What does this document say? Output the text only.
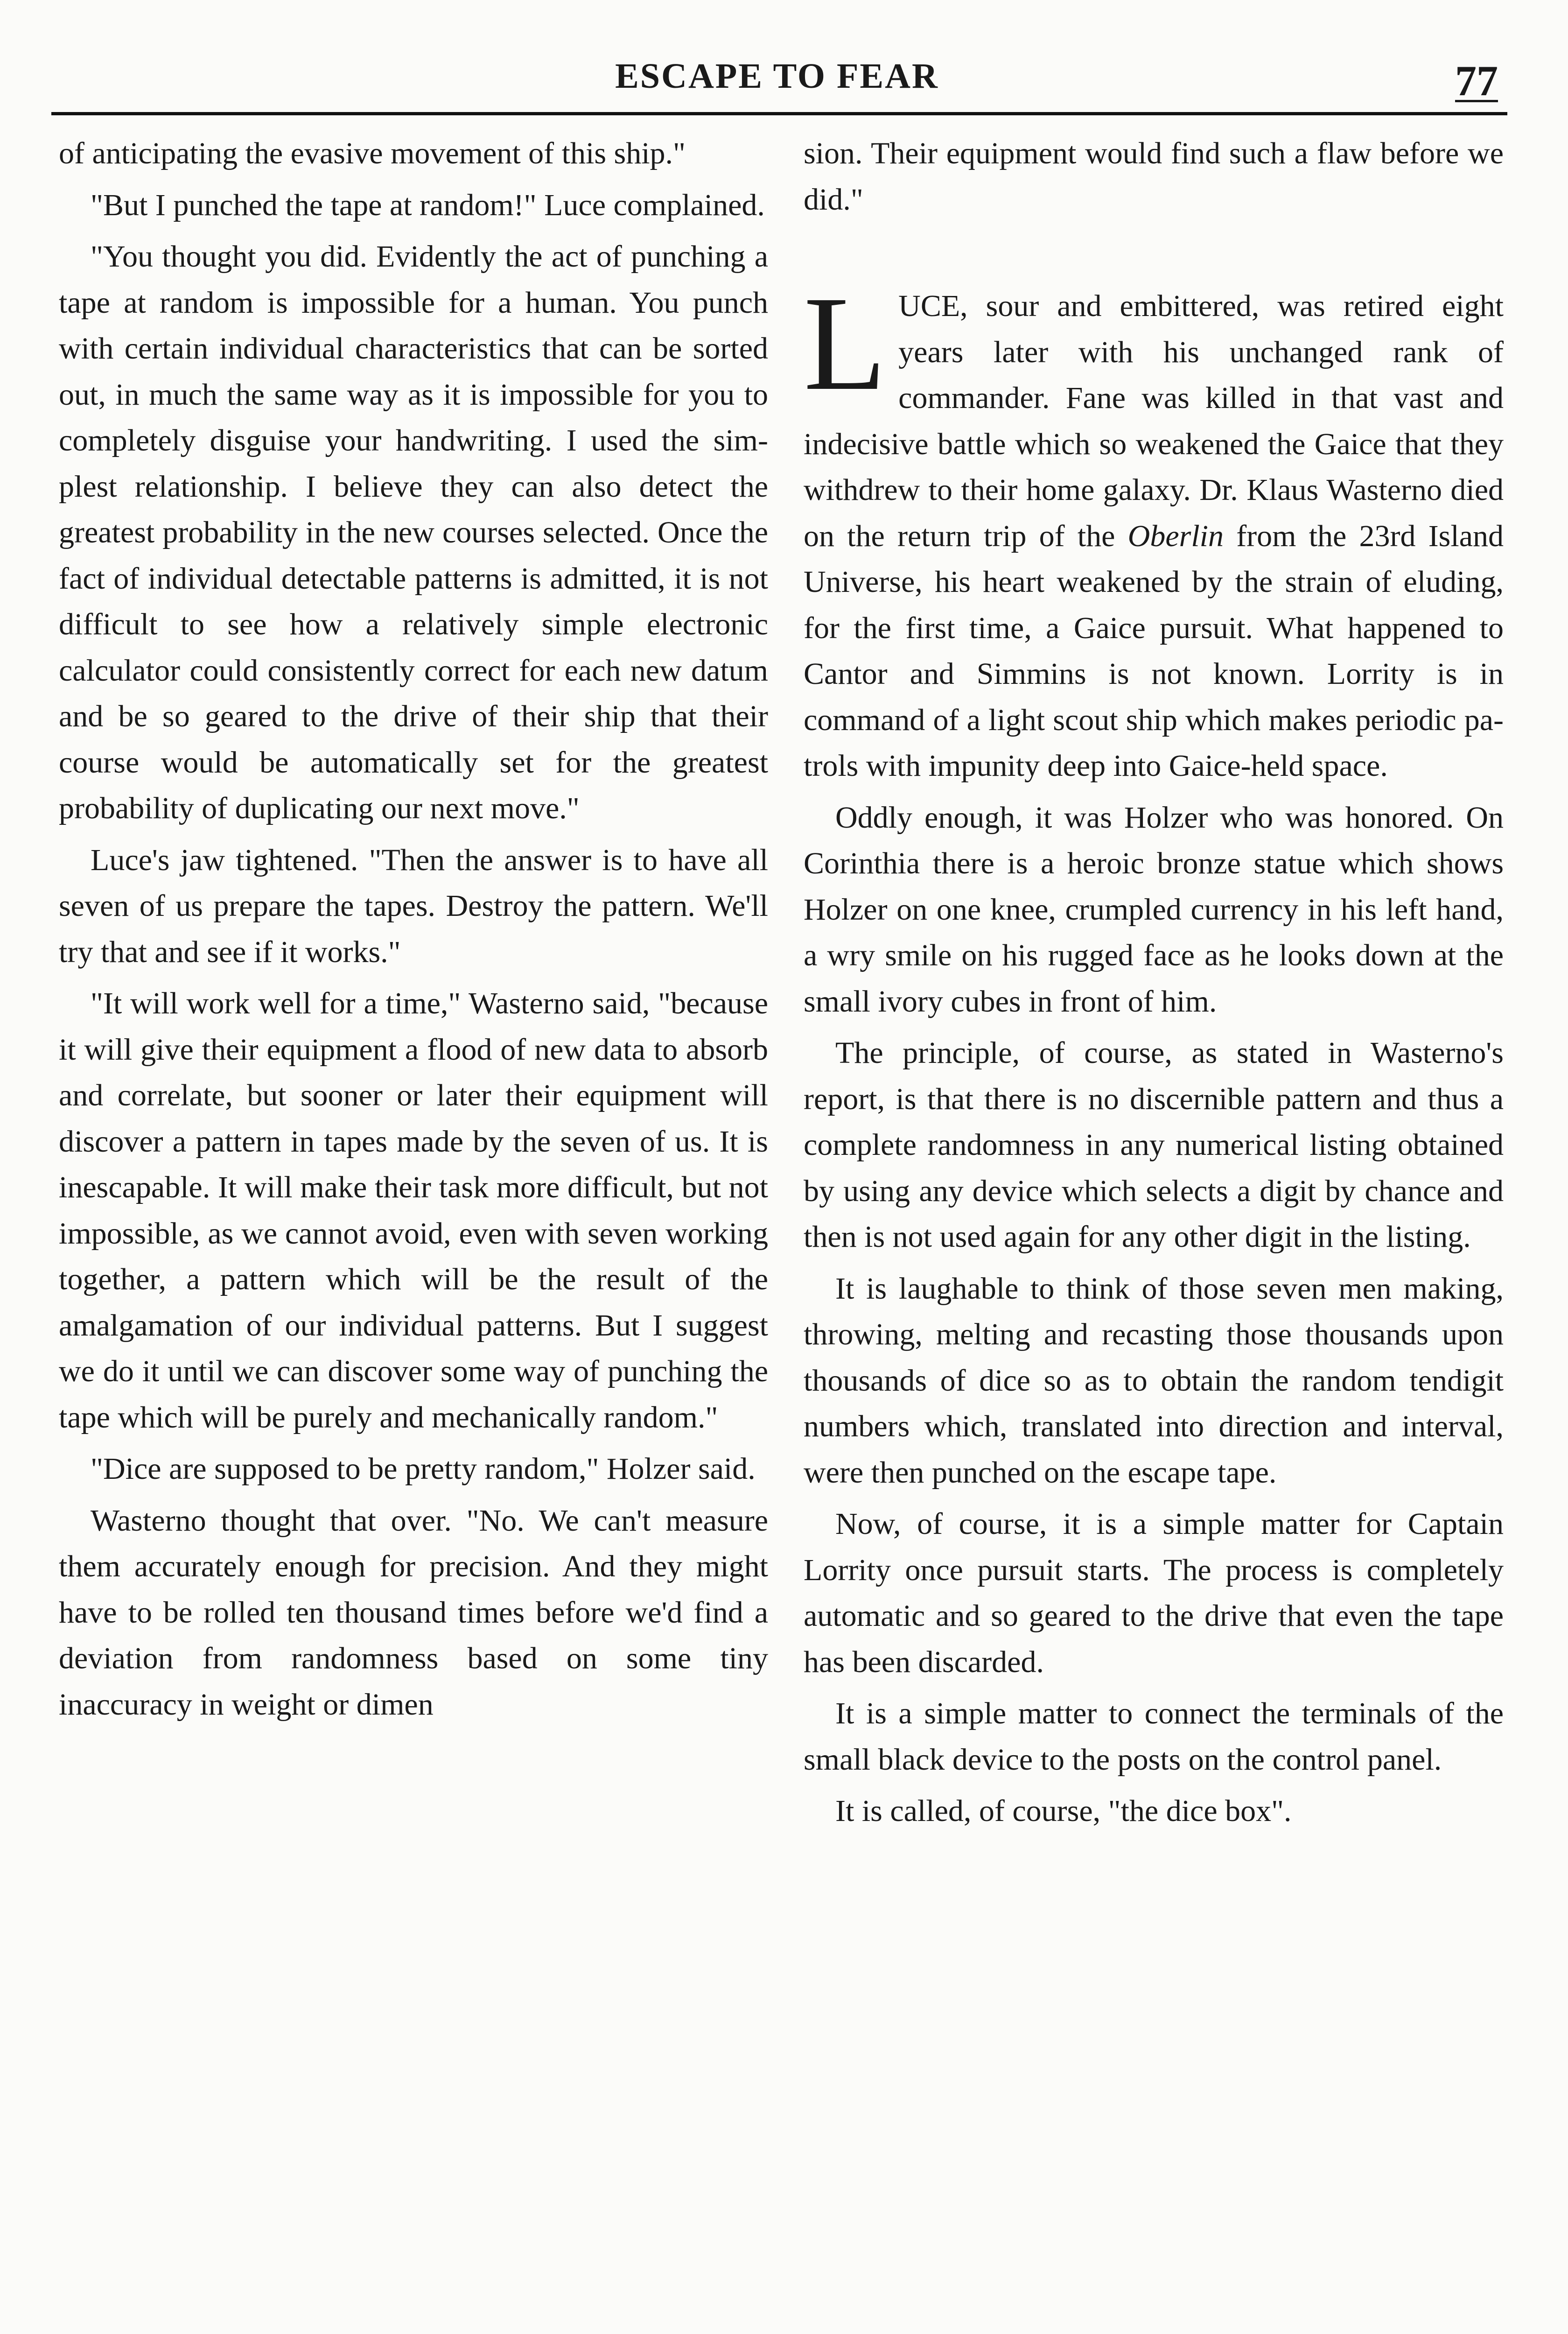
ESCAPE TO FEAR	77

of anticipating the evasive movement of this ship."

"But I punched the tape at random!" Luce complained.

"You thought you did. Evidently the act of punching a tape at random is impossible for a human. You punch with certain individual characteristics that can be sorted out, in much the same way as it is impossible for you to completely disguise your handwriting. I used the simplest relationship. I believe they can also detect the greatest probability in the new courses selected. Once the fact of individual detectable patterns is admitted, it is not difficult to see how a relatively simple electronic calculator could consistently correct for each new datum and be so geared to the drive of their ship that their course would be automatically set for the greatest probability of duplicating our next move."

Luce's jaw tightened. "Then the answer is to have all seven of us prepare the tapes. Destroy the pattern. We'll try that and see if it works."

"It will work well for a time," Wasterno said, "because it will give their equipment a flood of new data to absorb and correlate, but sooner or later their equipment will discover a pattern in tapes made by the seven of us. It is inescapable. It will make their task more difficult, but not impossible, as we cannot avoid, even with seven working together, a pattern which will be the result of the amalgamation of our individual patterns. But I suggest we do it until we can discover some way of punching the tape which will be purely and mechanically random."

"Dice are supposed to be pretty random," Holzer said.

Wasterno thought that over. "No. We can't measure them accurately enough for precision. And they might have to be rolled ten thousand times before we'd find a deviation from randomness based on some tiny inaccuracy in weight or dimen

sion. Their equipment would find such a flaw before we did."

LUCE, sour and embittered, was retired eight years later with his unchanged rank of commander. Fane was killed in that vast and indecisive battle which so weakened the Gaice that they withdrew to their home galaxy. Dr. Klaus Wasterno died on the return trip of the Oberlin from the 23rd Island Universe, his heart weakened by the strain of eluding, for the first time, a Gaice pursuit. What happened to Cantor and Simmins is not known. Lorrity is in command of a light scout ship which makes periodic patrols with impunity deep into Gaice-held space.

Oddly enough, it was Holzer who was honored. On Corinthia there is a heroic bronze statue which shows Holzer on one knee, crumpled currency in his left hand, a wry smile on his rugged face as he looks down at the small ivory cubes in front of him.

The principle, of course, as stated in Wasterno's report, is that there is no discernible pattern and thus a complete randomness in any numerical listing obtained by using any device which selects a digit by chance and then is not used again for any other digit in the listing.

It is laughable to think of those seven men making, throwing, melting and recasting those thousands upon thousands of dice so as to obtain the random tendigit numbers which, translated into direction and interval, were then punched on the escape tape.

Now, of course, it is a simple matter for Captain Lorrity once pursuit starts. The process is completely automatic and so geared to the drive that even the tape has been discarded.

It is a simple matter to connect the terminals of the small black device to the posts on the control panel.

It is called, of course, "the dice box".
